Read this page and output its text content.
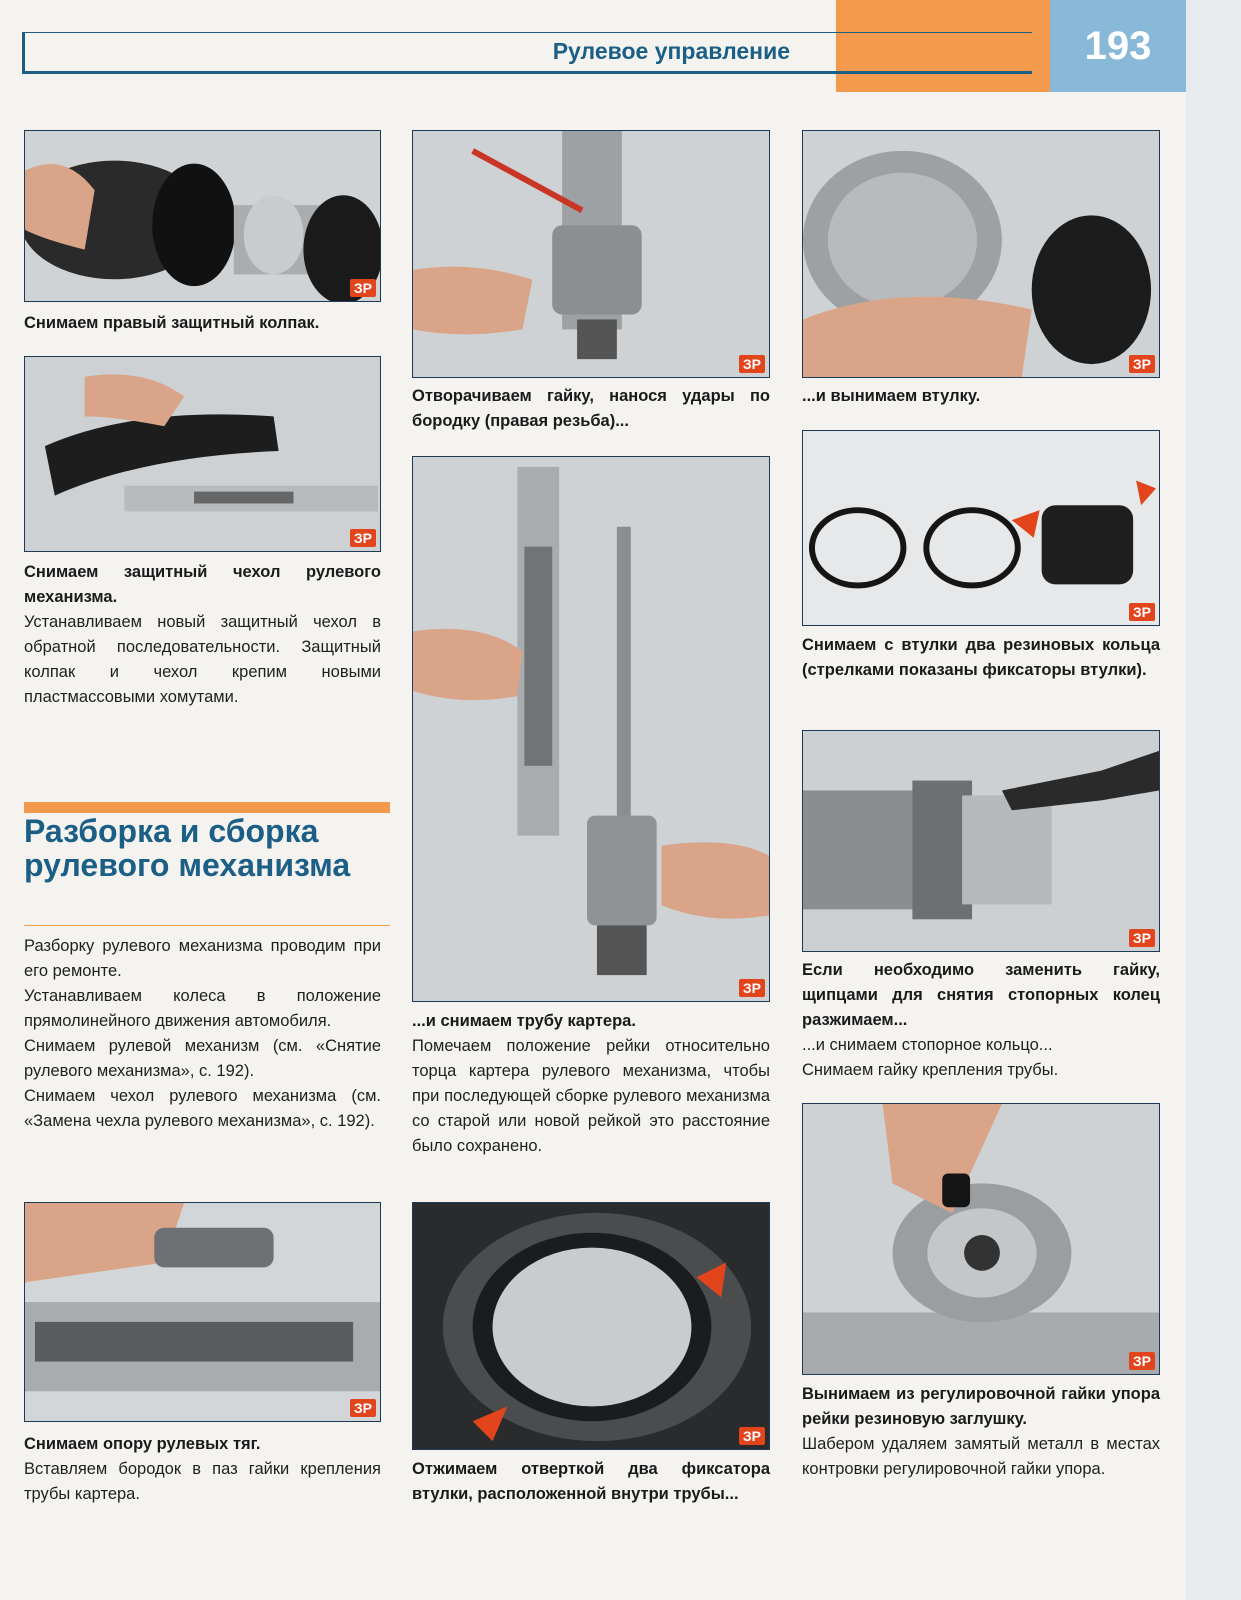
193
Рулевое управление
ЗР
Снимаем правый защитный колпак.
ЗР
Снимаем защитный чехол рулевого механизма.
Устанавливаем новый защитный чехол в обратной последовательности. Защитный колпак и чехол крепим новыми пластмассовыми хомутами.
Разборка и сборка рулевого механизма

Разборку рулевого механизма проводим при его ремонте.

Устанавливаем колеса в положение прямолинейного движения автомобиля.

Снимаем рулевой механизм (см. «Снятие рулевого механизма», с. 192).

Снимаем чехол рулевого механизма (см. «Замена чехла рулевого механизма», с. 192).

ЗР
Снимаем опору рулевых тяг.
Вставляем бородок в паз гайки крепления трубы картера.
ЗР
Отворачиваем гайку, нанося удары по бородку (правая резьба)...
ЗР
...и снимаем трубу картера.
Помечаем положение рейки относительно торца картера рулевого механизма, чтобы при последующей сборке рулевого механизма со старой или новой рейкой это расстояние было сохранено.
ЗР
Отжимаем отверткой два фиксатора втулки, расположенной внутри трубы...
ЗР
...и вынимаем втулку.
ЗР
Снимаем с втулки два резиновых кольца (стрелками показаны фиксаторы втулки).
ЗР
Если необходимо заменить гайку, щипцами для снятия стопорных колец разжимаем...

...и снимаем стопорное кольцо...

Снимаем гайку крепления трубы.

ЗР
Вынимаем из регулировочной гайки упора рейки резиновую заглушку.
Шабером удаляем замятый металл в местах контровки регулировочной гайки упора.
